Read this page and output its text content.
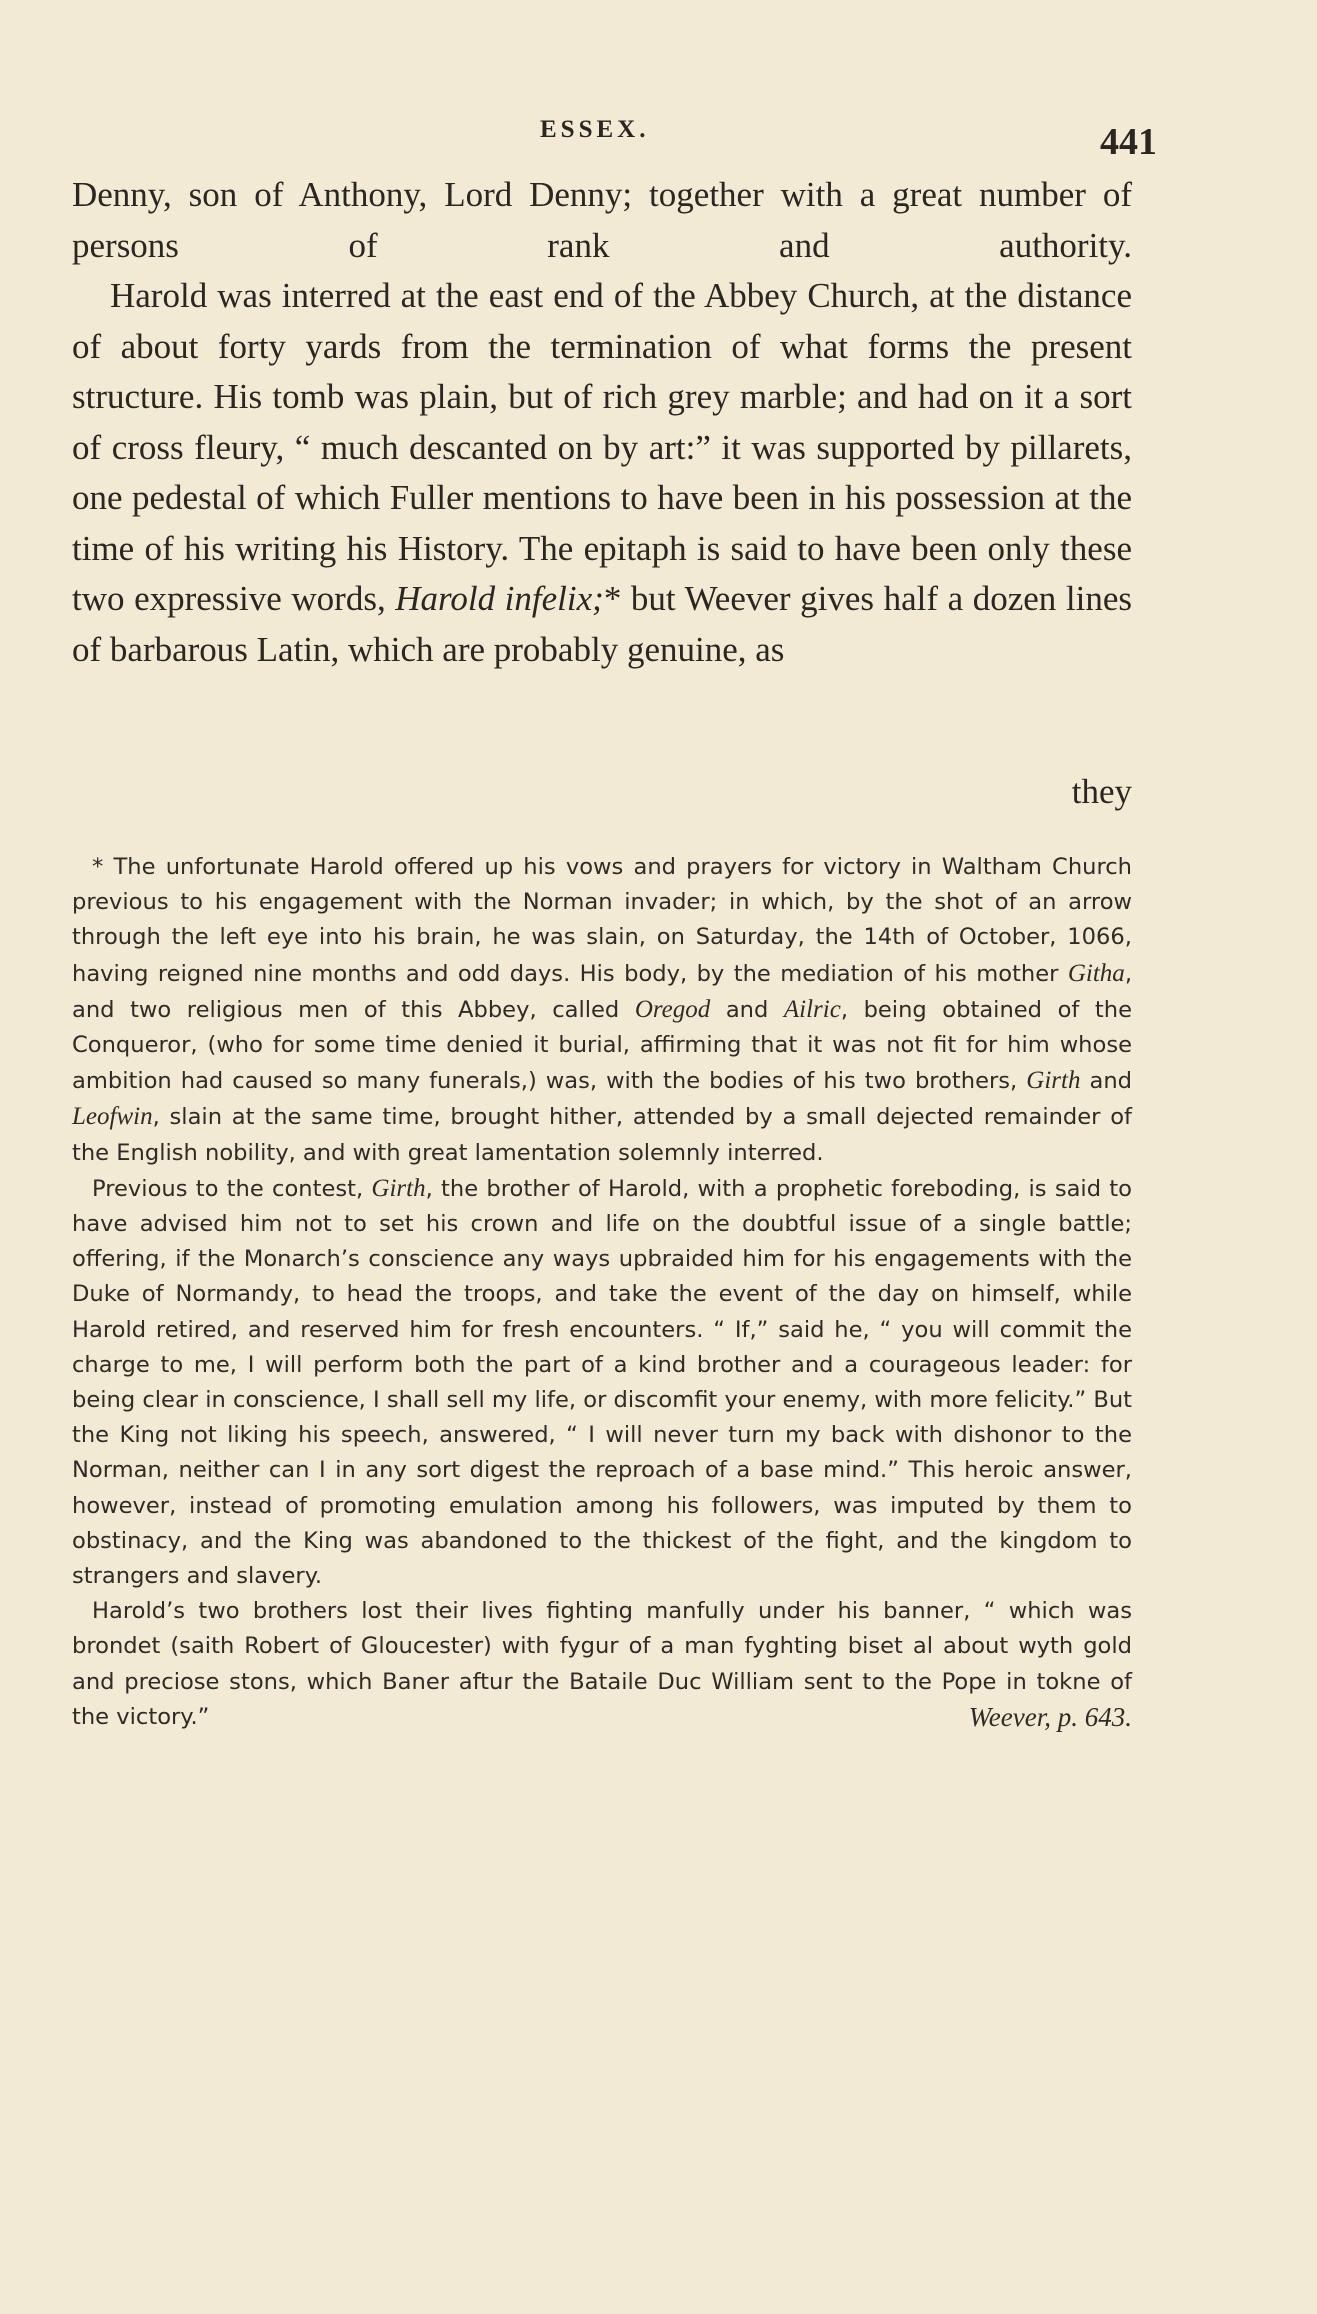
ESSEX.	441

Denny, son of Anthony, Lord Denny; together with a great number of persons of rank and authority.

Harold was interred at the east end of the Abbey Church, at the distance of about forty yards from the termination of what forms the present structure. His tomb was plain, but of rich grey marble; and had on it a sort of cross fleury, “ much descanted on by art:” it was supported by pillarets, one pedestal of which Fuller mentions to have been in his possession at the time of his writing his History. The epitaph is said to have been only these two expressive words, Harold infelix;* but Weever gives half a dozen lines of barbarous Latin, which are probably genuine, as

they

* The unfortunate Harold offered up his vows and prayers for victory in Waltham Church previous to his engagement with the Norman invader; in which, by the shot of an arrow through the left eye into his brain, he was slain, on Saturday, the 14th of October, 1066, having reigned nine months and odd days. His body, by the mediation of his mother Githa, and two religious men of this Abbey, called Oregod and Ailric, being obtained of the Conqueror, (who for some time denied it burial, affirming that it was not fit for him whose ambition had caused so many funerals,) was, with the bodies of his two brothers, Girth and Leofwin, slain at the same time, brought hither, attended by a small dejected remainder of the English nobility, and with great lamentation solemnly interred.

Previous to the contest, Girth, the brother of Harold, with a prophetic foreboding, is said to have advised him not to set his crown and life on the doubtful issue of a single battle; offering, if the Monarch’s conscience any ways upbraided him for his engagements with the Duke of Normandy, to head the troops, and take the event of the day on himself, while Harold retired, and reserved him for fresh encounters. “ If,” said he, “ you will commit the charge to me, I will perform both the part of a kind brother and a courageous leader: for being clear in conscience, I shall sell my life, or discomfit your enemy, with more felicity.” But the King not liking his speech, answered, “ I will never turn my back with dishonor to the Norman, neither can I in any sort digest the reproach of a base mind.” This heroic answer, however, instead of promoting emulation among his followers, was imputed by them to obstinacy, and the King was abandoned to the thickest of the fight, and the kingdom to strangers and slavery.

Harold’s two brothers lost their lives fighting manfully under his banner, “ which was brondet (saith Robert of Gloucester) with fygur of a man fyghting biset al about wyth gold and preciose stons, which Baner aftur the Bataile Duc William sent to the Pope in tokne of the victory.”	Weever, p. 643.
